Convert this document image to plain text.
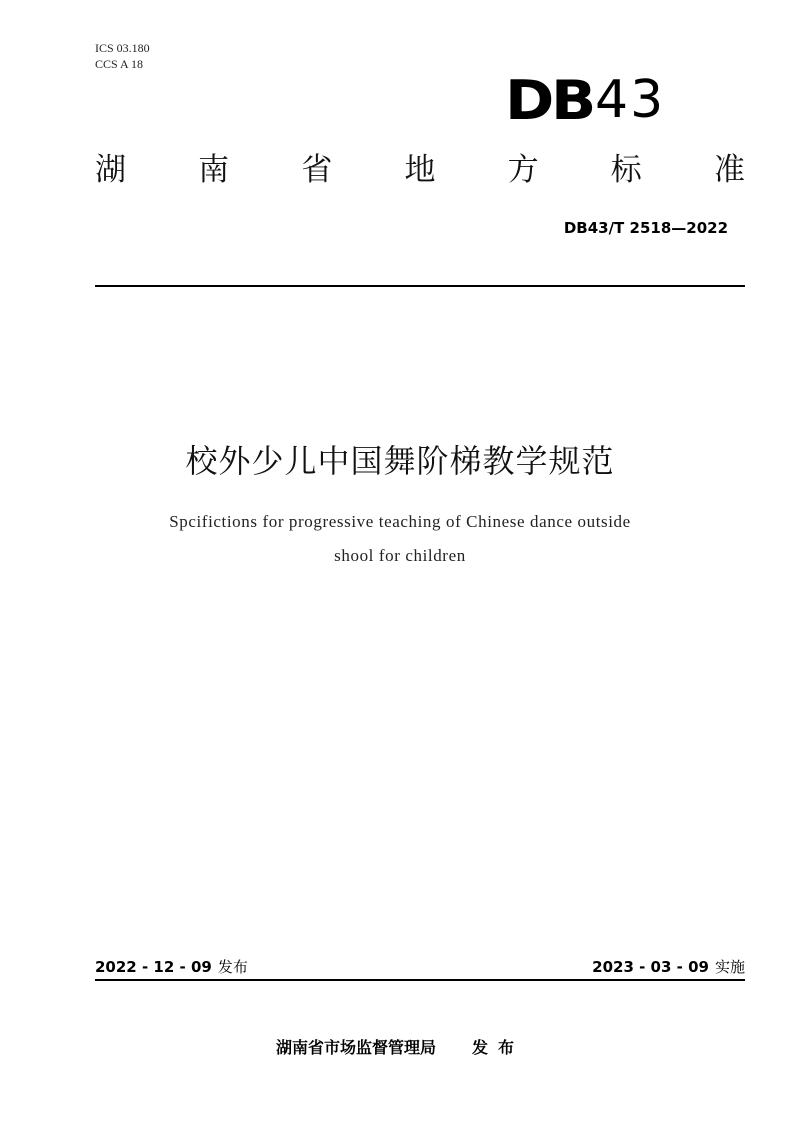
ICS 03.180
CCS A 18
DB 43
湖 南 省 地 方 标 准
DB43/T 2518—2022
校外少儿中国舞阶梯教学规范
Spcifictions for progressive teaching of Chinese dance outside
shool for children
2022 - 12 - 09 发布	2023 - 03 - 09 实施
湖南省市场监督管理局 发布
